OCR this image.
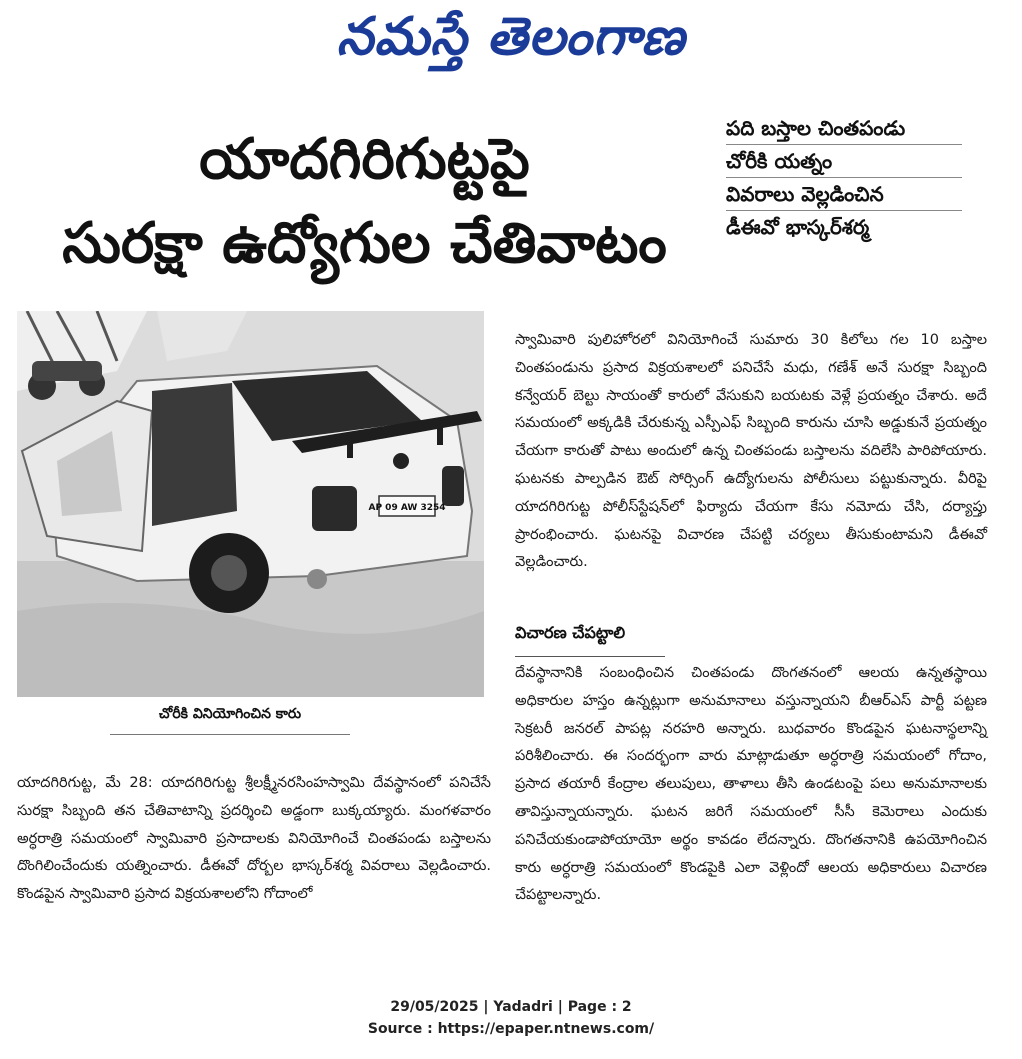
నమస్తే తెలంగాణ
యాదగిరిగుట్టపై
సురక్షా ఉద్యోగుల చేతివాటం
పది బస్తాల చింతపండు
చోరీకి యత్నం
వివరాలు వెల్లడించిన
డీఈవో భాస్కర్‌శర్మ
AP 09 AW 3254
చోరీకి వినియోగించిన కారు

యాదగిరిగుట్ట, మే 28: యాదగిరిగుట్ట శ్రీలక్ష్మీనరసింహస్వామి దేవస్థానంలో పనిచేసే సురక్షా సిబ్బంది తన చేతివాటాన్ని ప్రదర్శించి అడ్డంగా బుక్కయ్యారు. మంగళవారం అర్ధరాత్రి సమయంలో స్వామివారి ప్రసాదాలకు వినియోగించే చింతపండు బస్తాలను దొంగిలించేందుకు యత్నించారు. డీఈవో దోర్బల భాస్కర్‌శర్మ వివరాలు వెల్లడించారు. కొండపైన స్వామివారి ప్రసాద విక్రయశాలలోని గోదాంలో

స్వామివారి పులిహోరలో వినియోగించే సుమారు 30 కిలోలు గల 10 బస్తాల చింతపండును ప్రసాద విక్రయశాలలో పనిచేసే మధు, గణేశ్ అనే సురక్షా సిబ్బంది కన్వేయర్ బెల్టు సాయంతో కారులో వేసుకుని బయటకు వెళ్లే ప్రయత్నం చేశారు. అదే సమయంలో అక్కడికి చేరుకున్న ఎస్పీఎఫ్ సిబ్బంది కారును చూసి అడ్డుకునే ప్రయత్నం చేయగా కారుతో పాటు అందులో ఉన్న చింతపండు బస్తాలను వదిలేసి పారిపోయారు. ఘటనకు పాల్పడిన ఔట్ సోర్సింగ్ ఉద్యోగులను పోలీసులు పట్టుకున్నారు. వీరిపై యాదగిరిగుట్ట పోలీస్‌స్టేషన్‌లో ఫిర్యాదు చేయగా కేసు నమోదు చేసి, దర్యాప్తు ప్రారంభించారు. ఘటనపై విచారణ చేపట్టి చర్యలు తీసుకుంటామని డీఈవో వెల్లడించారు.

విచారణ చేపట్టాలి

దేవస్థానానికి సంబంధించిన చింతపండు దొంగతనంలో ఆలయ ఉన్నతస్థాయి అధికారుల హస్తం ఉన్నట్లుగా అనుమానాలు వస్తున్నాయని బీఆర్‌ఎస్ పార్టీ పట్టణ సెక్రటరీ జనరల్ పాపట్ల నరహరి అన్నారు. బుధవారం కొండపైన ఘటనాస్థలాన్ని పరిశీలించారు. ఈ సందర్భంగా వారు మాట్లాడుతూ అర్ధరాత్రి సమయంలో గోదాం, ప్రసాద తయారీ కేంద్రాల తలుపులు, తాళాలు తీసి ఉండటంపై పలు అనుమానాలకు తావిస్తున్నాయన్నారు. ఘటన జరిగే సమయంలో సీసీ కెమెరాలు ఎందుకు పనిచేయకుండాపోయాయో అర్థం కావడం లేదన్నారు. దొంగతనానికి ఉపయోగించిన కారు అర్ధరాత్రి సమయంలో కొండపైకి ఎలా వెళ్లిందో ఆలయ అధికారులు విచారణ చేపట్టాలన్నారు.

29/05/2025 | Yadadri | Page : 2
Source : https://epaper.ntnews.com/
